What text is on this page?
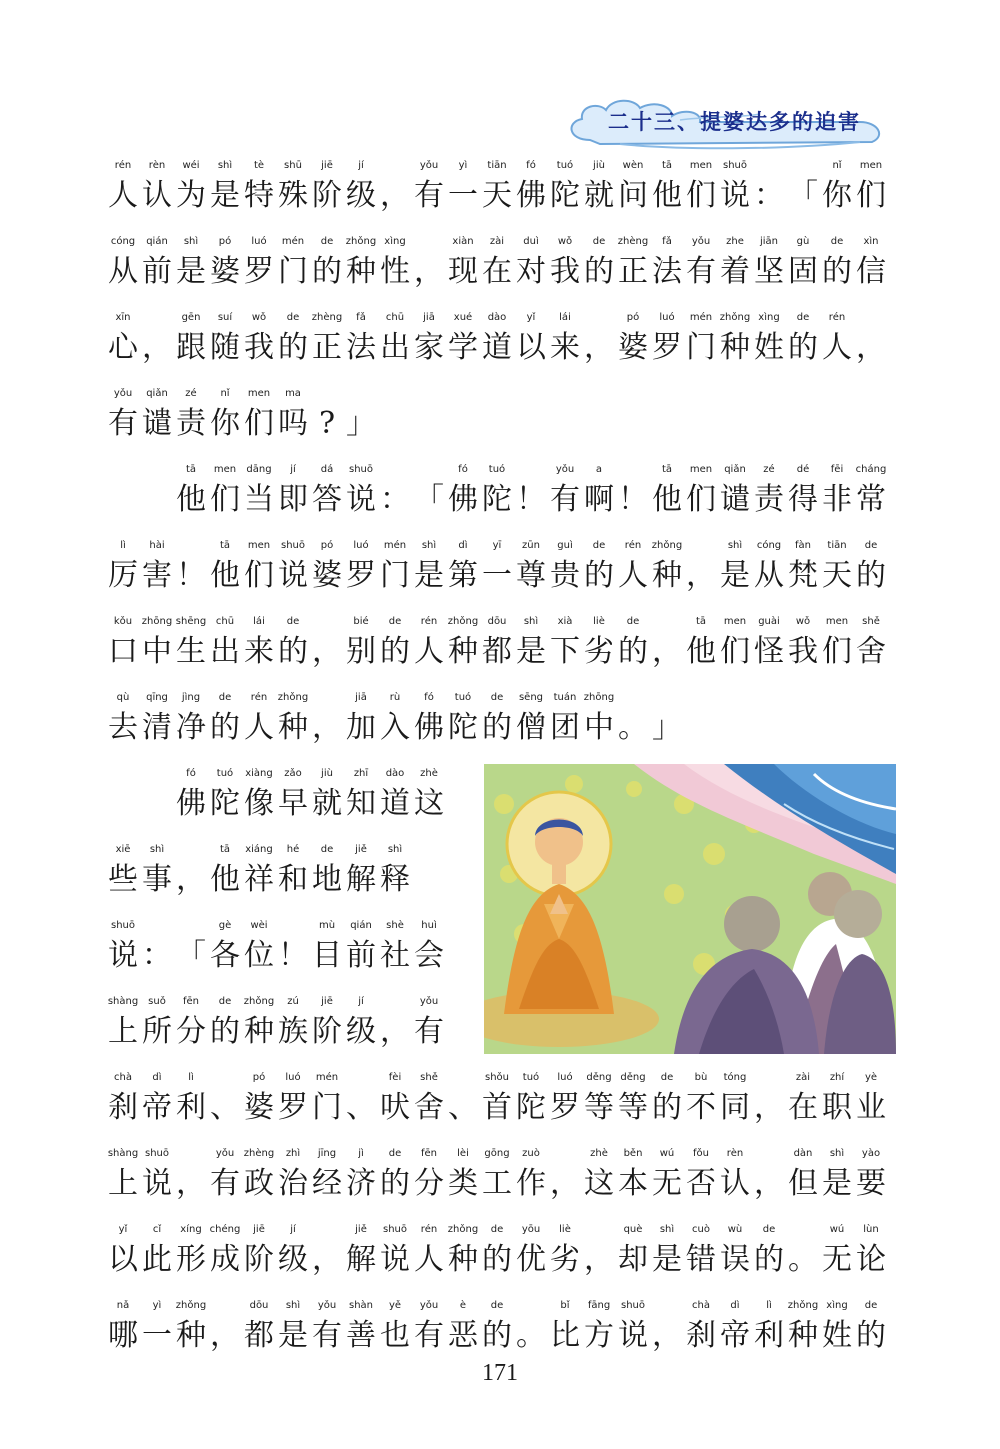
二十三、提婆达多的迫害
rén
人
rèn
认
wéi
为
shì
是
tè
特
shū
殊
jiē
阶
jí
级 ，
yǒu
有
yì
一
tiān
天
fó
佛
tuó
陀
jiù
就
wèn
问
tā
他
men
们
shuō
说 ： 「
nǐ
你
men
们
cóng
从
qián
前
shì
是
pó
婆
luó
罗
mén
门
de
的
zhǒng
种
xìng
性 ，
xiàn
现
zài
在
duì
对
wǒ
我
de
的
zhèng
正
fǎ
法
yǒu
有
zhe
着
jiān
坚
gù
固
de
的
xìn
信
xīn
心 ，
gēn
跟
suí
随
wǒ
我
de
的
zhèng
正
fǎ
法
chū
出
jiā
家
xué
学
dào
道
yǐ
以
lái
来 ，
pó
婆
luó
罗
mén
门
zhǒng
种
xìng
姓
de
的
rén
人 ，
yǒu
有
qiǎn
谴
zé
责
nǐ
你
men
们
ma
吗 ? 」
tā
他
men
们
dāng
当
jí
即
dá
答
shuō
说 ： 「
fó
佛
tuó
陀 ！
yǒu
有
a
啊 ！
tā
他
men
们
qiǎn
谴
zé
责
dé
得
fēi
非
cháng
常
lì
厉
hài
害 ！
tā
他
men
们
shuō
说
pó
婆
luó
罗
mén
门
shì
是
dì
第
yī
一
zūn
尊
guì
贵
de
的
rén
人
zhǒng
种 ，
shì
是
cóng
从
fàn
梵
tiān
天
de
的
kǒu
口
zhōng
中
shēng
生
chū
出
lái
来
de
的 ，
bié
别
de
的
rén
人
zhǒng
种
dōu
都
shì
是
xià
下
liè
劣
de
的 ，
tā
他
men
们
guài
怪
wǒ
我
men
们
shě
舍
qù
去
qīng
清
jìng
净
de
的
rén
人
zhǒng
种 ，
jiā
加
rù
入
fó
佛
tuó
陀
de
的
sēng
僧
tuán
团
zhōng
中 。 」
fó
佛
tuó
陀
xiàng
像
zǎo
早
jiù
就
zhī
知
dào
道
zhè
这
xiē
些
shì
事 ，
tā
他
xiáng
祥
hé
和
de
地
jiě
解
shì
释
shuō
说 ： 「
gè
各
wèi
位 ！
mù
目
qián
前
shè
社
huì
会
shàng
上
suǒ
所
fēn
分
de
的
zhǒng
种
zú
族
jiē
阶
jí
级 ，
yǒu
有
chà
刹
dì
帝
lì
利 、
pó
婆
luó
罗
mén
门 、
fèi
吠
shě
舍 、
shǒu
首
tuó
陀
luó
罗
děng
等
děng
等
de
的
bù
不
tóng
同 ，
zài
在
zhí
职
yè
业
shàng
上
shuō
说 ，
yǒu
有
zhèng
政
zhì
治
jīng
经
jì
济
de
的
fēn
分
lèi
类
gōng
工
zuò
作 ，
zhè
这
běn
本
wú
无
fǒu
否
rèn
认 ，
dàn
但
shì
是
yào
要
yǐ
以
cǐ
此
xíng
形
chéng
成
jiē
阶
jí
级 ，
jiě
解
shuō
说
rén
人
zhǒng
种
de
的
yōu
优
liè
劣 ，
què
却
shì
是
cuò
错
wù
误
de
的 。
wú
无
lùn
论
nǎ
哪
yì
一
zhǒng
种 ，
dōu
都
shì
是
yǒu
有
shàn
善
yě
也
yǒu
有
è
恶
de
的 。
bǐ
比
fāng
方
shuō
说 ，
chà
刹
dì
帝
lì
利
zhǒng
种
xìng
姓
de
的
171
